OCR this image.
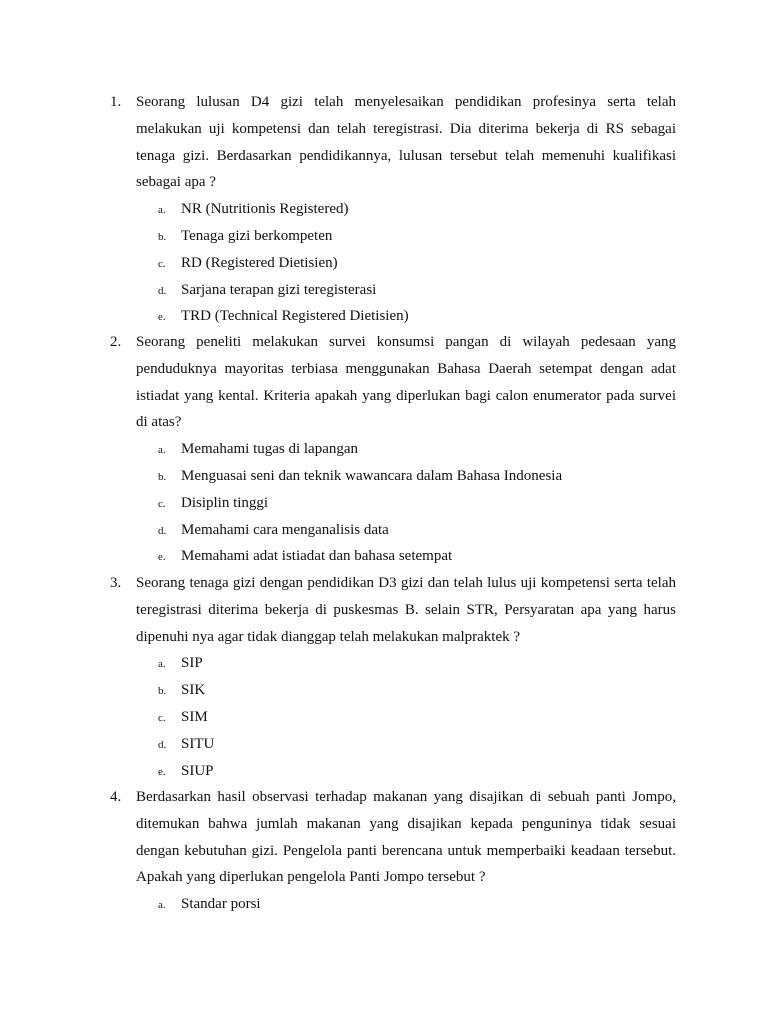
1. Seorang lulusan D4 gizi telah menyelesaikan pendidikan profesinya serta telah melakukan uji kompetensi dan telah teregistrasi. Dia diterima bekerja di RS sebagai tenaga gizi. Berdasarkan pendidikannya, lulusan tersebut telah memenuhi kualifikasi sebagai apa ?

a. NR (Nutritionis Registered)
b. Tenaga gizi berkompeten
c. RD (Registered Dietisien)
d. Sarjana terapan gizi teregisterasi
e. TRD (Technical Registered Dietisien)
2. Seorang peneliti melakukan survei konsumsi pangan di wilayah pedesaan yang penduduknya mayoritas terbiasa menggunakan Bahasa Daerah setempat dengan adat istiadat yang kental. Kriteria apakah yang diperlukan bagi calon enumerator pada survei di atas?

a. Memahami tugas di lapangan
b. Menguasai seni dan teknik wawancara dalam Bahasa Indonesia
c. Disiplin tinggi
d. Memahami cara menganalisis data
e. Memahami adat istiadat dan bahasa setempat
3. Seorang tenaga gizi dengan pendidikan D3 gizi dan telah lulus uji kompetensi serta telah teregistrasi diterima bekerja di puskesmas B. selain STR, Persyaratan apa yang harus dipenuhi nya agar tidak dianggap telah melakukan malpraktek ?

a. SIP
b. SIK
c. SIM
d. SITU
e. SIUP
4. Berdasarkan hasil observasi terhadap makanan yang disajikan di sebuah panti Jompo, ditemukan bahwa jumlah makanan yang disajikan kepada penguninya tidak sesuai dengan kebutuhan gizi. Pengelola panti berencana untuk memperbaiki keadaan tersebut. Apakah yang diperlukan pengelola Panti Jompo tersebut ?

a. Standar porsi
